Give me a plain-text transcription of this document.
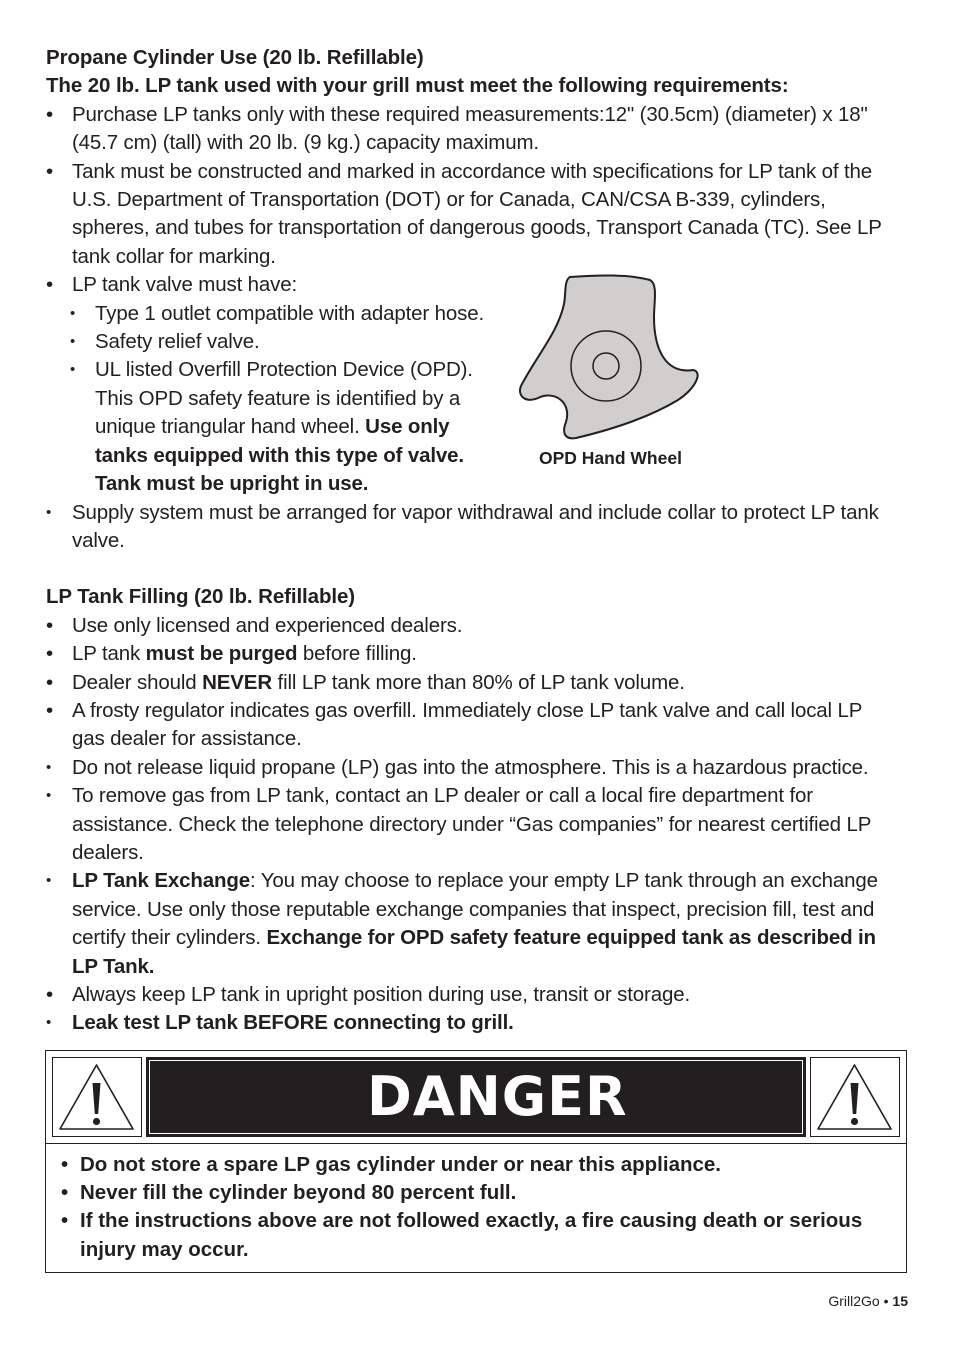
Propane Cylinder Use (20 lb. Refillable)
The 20 lb. LP tank used with your grill must meet the following requirements:
• Purchase LP tanks only with these required measurements:12" (30.5cm) (diameter) x 18"
(45.7 cm) (tall) with 20 lb. (9 kg.) capacity maximum.
• Tank must be constructed and marked in accordance with specifications for LP tank of the
U.S. Department of Transportation (DOT) or for Canada, CAN/CSA B-339, cylinders,
spheres, and tubes for transportation of dangerous goods, Transport Canada (TC). See LP
tank collar for marking.
• LP tank valve must have:
• Type 1 outlet compatible with adapter hose.
• Safety relief valve.
• UL listed Overfill Protection Device (OPD).
This OPD safety feature is identified by a
unique triangular hand wheel. Use only
tanks equipped with this type of valve.
Tank must be upright in use.
• Supply system must be arranged for vapor withdrawal and include collar to protect LP tank
valve.
LP Tank Filling (20 lb. Refillable)
• Use only licensed and experienced dealers.
• LP tank must be purged before filling.
• Dealer should NEVER fill LP tank more than 80% of LP tank volume.
• A frosty regulator indicates gas overfill. Immediately close LP tank valve and call local LP
gas dealer for assistance.
•	Do not release liquid propane (LP) gas into the atmosphere. This is a hazardous practice.
• To remove gas from LP tank, contact an LP dealer or call a local fire department for
assistance. Check the telephone directory under “Gas companies” for nearest certified LP
dealers.
• LP Tank Exchange: You may choose to replace your empty LP tank through an exchange
service. Use only those reputable exchange companies that inspect, precision fill, test and
certify their cylinders. Exchange for OPD safety feature equipped tank as described in
LP Tank.
• Always keep LP tank in upright position during use, transit or storage.
•	Leak test LP tank BEFORE connecting to grill.
OPD Hand Wheel
DANGER
• Do not store a spare LP gas cylinder under or near this appliance.
• Never fill the cylinder beyond 80 percent full.
• If the instructions above are not followed exactly, a fire causing death or serious
injury may occur.
Grill2Go • 15
